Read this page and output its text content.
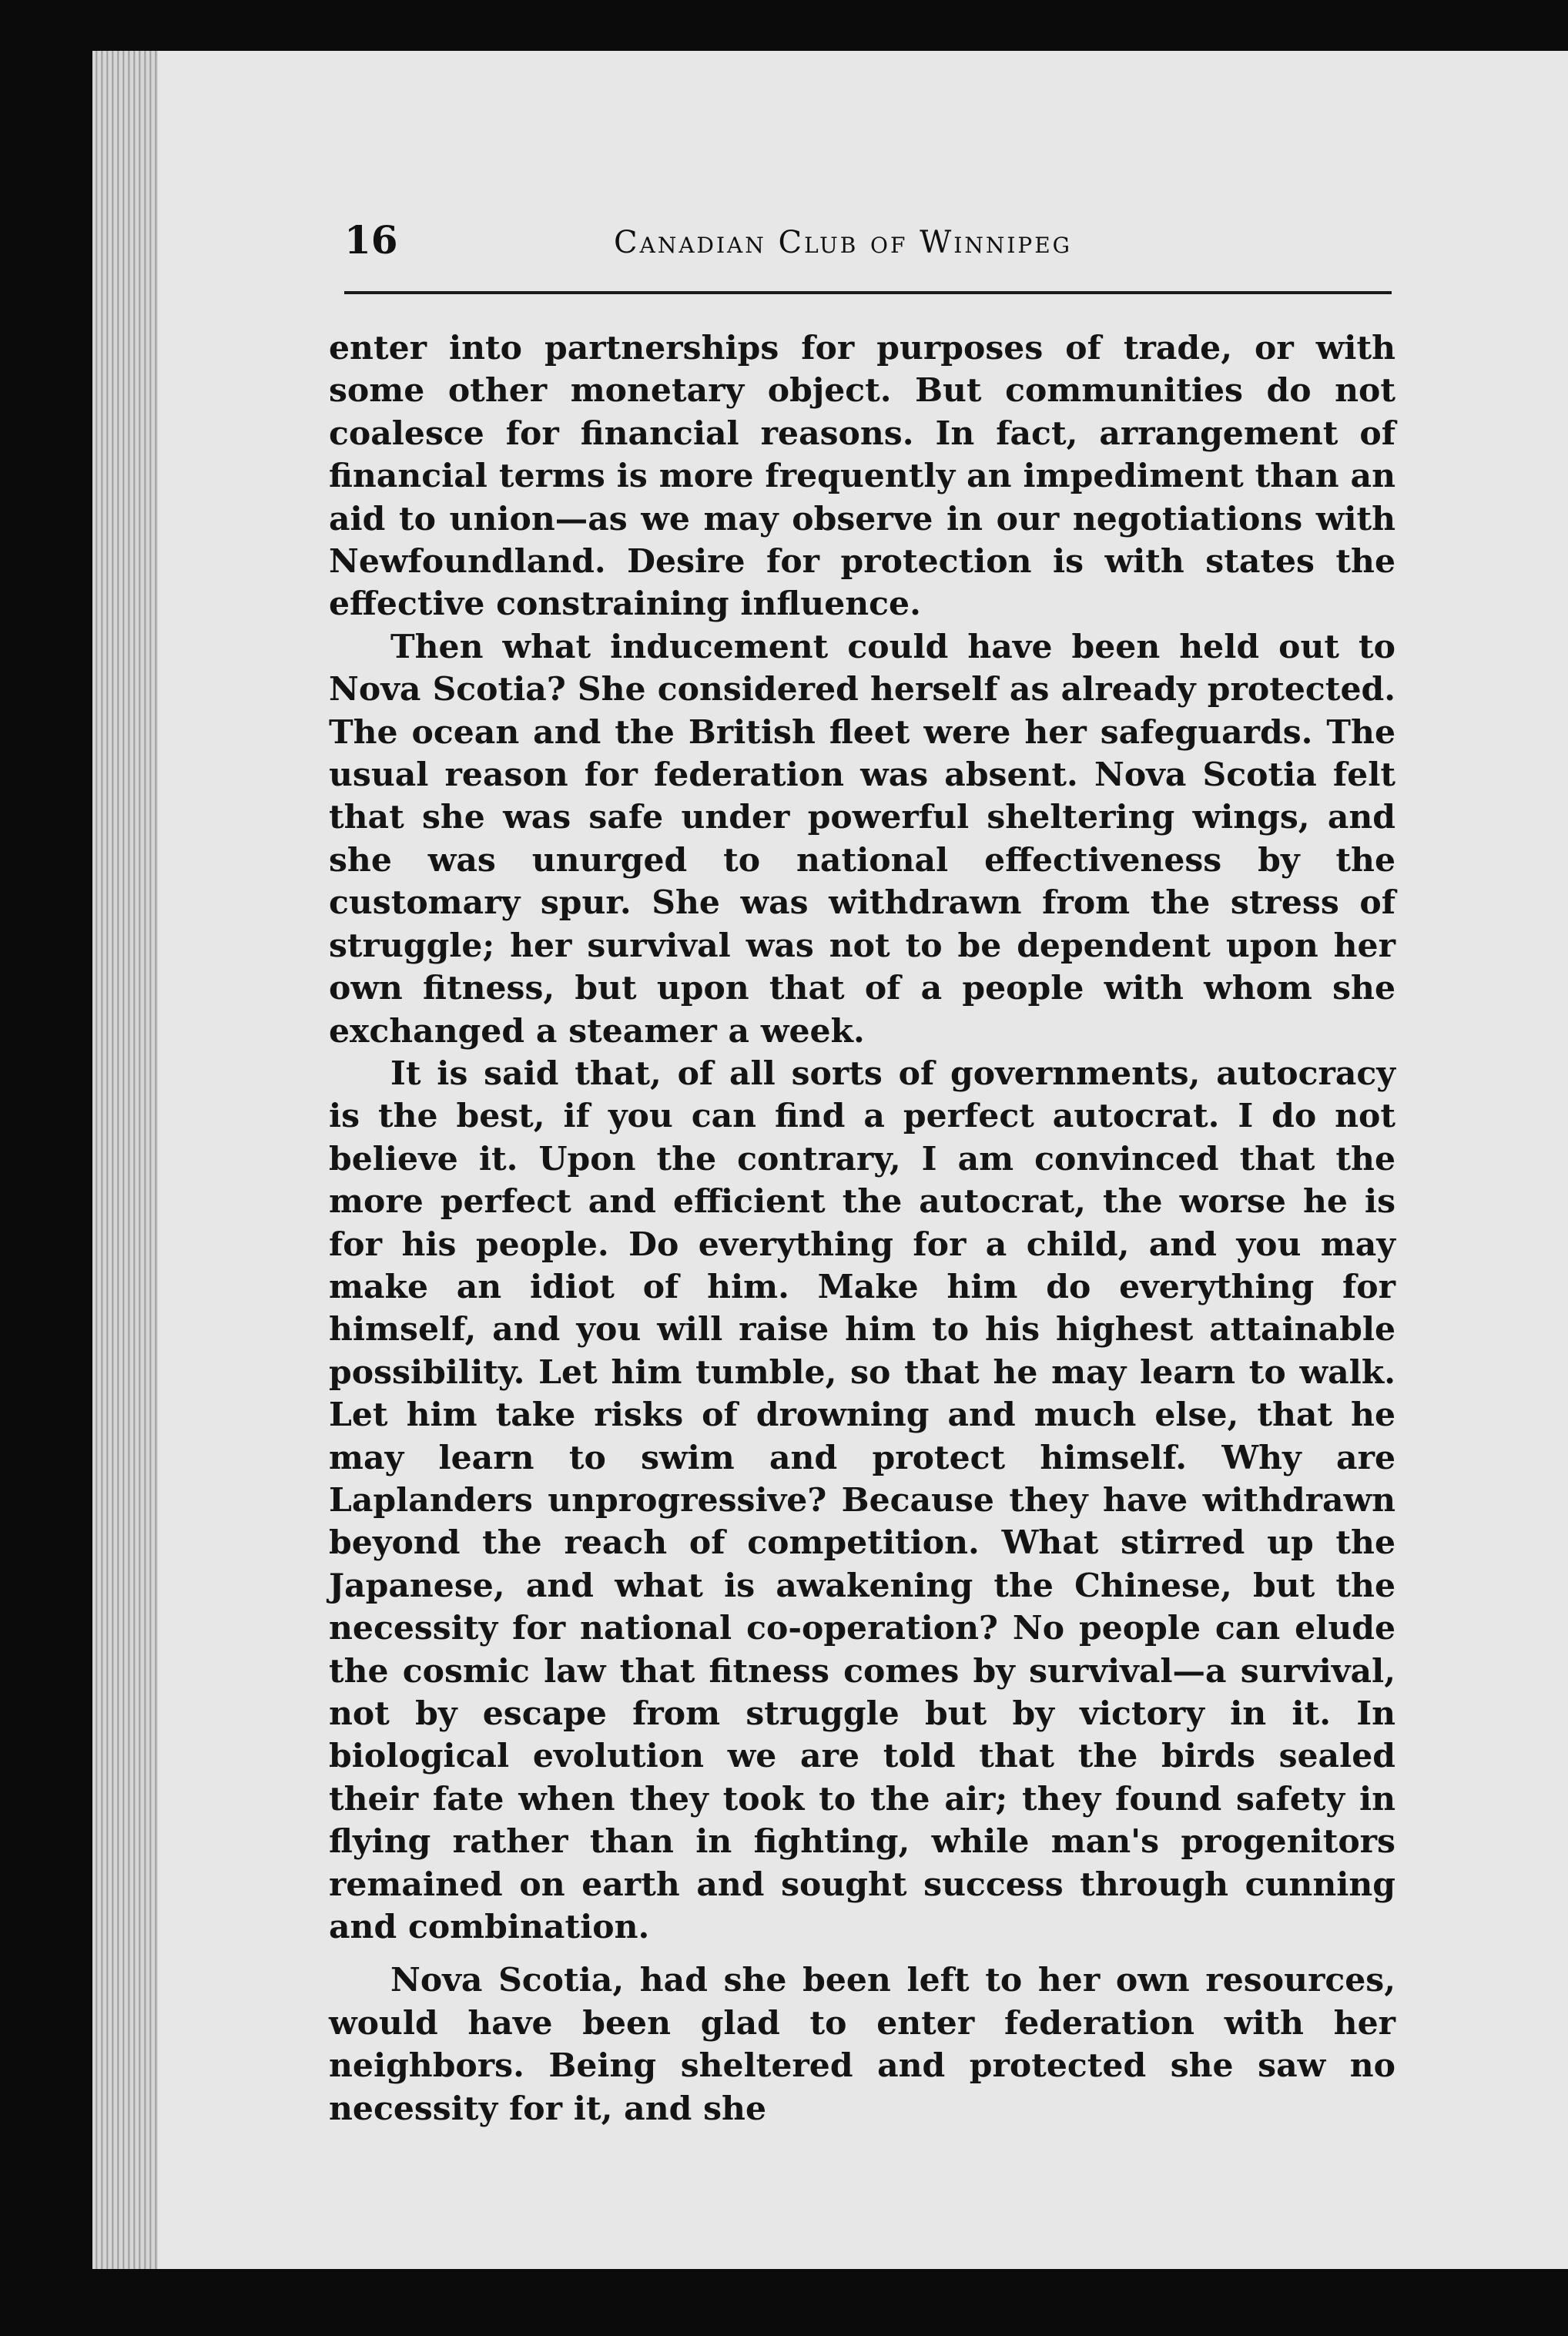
16	Canadian Club of Winnipeg

enter into partnerships for purposes of trade, or with some other monetary object. But communities do not coalesce for financial reasons. In fact, arrangement of financial terms is more frequently an impediment than an aid to union—as we may observe in our negotiations with Newfoundland. Desire for protection is with states the effective constraining influence.

Then what inducement could have been held out to Nova Scotia? She considered herself as already protected. The ocean and the British fleet were her safeguards. The usual reason for federation was absent. Nova Scotia felt that she was safe under powerful sheltering wings, and she was unurged to national effectiveness by the customary spur. She was withdrawn from the stress of struggle; her survival was not to be dependent upon her own fitness, but upon that of a people with whom she exchanged a steamer a week.

It is said that, of all sorts of governments, autocracy is the best, if you can find a perfect autocrat. I do not believe it. Upon the contrary, I am convinced that the more perfect and efficient the autocrat, the worse he is for his people. Do everything for a child, and you may make an idiot of him. Make him do everything for himself, and you will raise him to his highest attainable possibility. Let him tumble, so that he may learn to walk. Let him take risks of drowning and much else, that he may learn to swim and protect himself. Why are Laplanders unprogressive? Because they have withdrawn beyond the reach of competition. What stirred up the Japanese, and what is awakening the Chinese, but the necessity for national co-operation? No people can elude the cosmic law that fitness comes by survival—a survival, not by escape from struggle but by victory in it. In biological evolution we are told that the birds sealed their fate when they took to the air; they found safety in flying rather than in fighting, while man's progenitors remained on earth and sought success through cunning and combination.

Nova Scotia, had she been left to her own resources, would have been glad to enter federation with her neighbors. Being sheltered and protected she saw no necessity for it, and she
